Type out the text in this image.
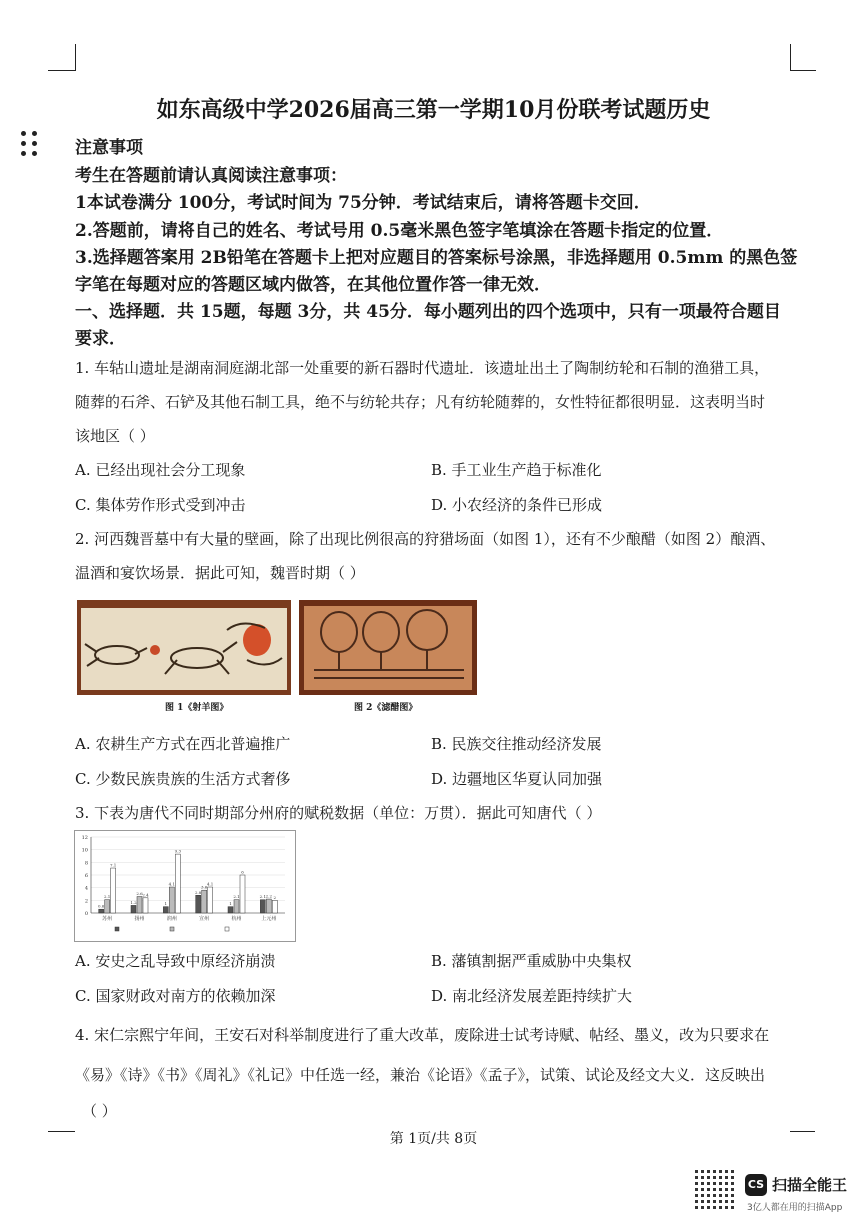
如东高级中学2026届高三第一学期10月份联考试题历史
注意事项
考生在答题前请认真阅读注意事项：
1本试卷满分 100分，考试时间为 75分钟．考试结束后，请将答题卡交回．
2.答题前，请将自己的姓名、考试号用 0.5毫米黑色签字笔填涂在答题卡指定的位置．
3.选择题答案用 2B铅笔在答题卡上把对应题目的答案标号涂黑，非选择题用 0.5mm 的黑色签
字笔在每题对应的答题区域内做答，在其他位置作答一律无效．
一、选择题．共 15题，每题 3分，共 45分．每小题列出的四个选项中，只有一项最符合题目
要求．
1. 车轱山遗址是湖南洞庭湖北部一处重要的新石器时代遗址．该遗址出土了陶制纺轮和石制的渔猎工具，
随葬的石斧、石铲及其他石制工具，绝不与纺轮共存；凡有纺轮随葬的，女性特征都很明显．这表明当时
该地区（ ）
A. 已经出现社会分工现象	B. 手工业生产趋于标准化
C. 集体劳作形式受到冲击	D. 小农经济的条件已形成
2. 河西魏晋墓中有大量的壁画，除了出现比例很高的狩猎场面（如图 1），还有不少酿醋（如图 2）酿酒、
温酒和宴饮场景．据此可知，魏晋时期（ ）
图 1《射羊图》	图 2《滤醋图》
A. 农耕生产方式在西北普遍推广	B. 民族交往推动经济发展
C. 少数民族贵族的生活方式奢侈	D. 边疆地区华夏认同加强
3. 下表为唐代不同时期部分州府的赋税数据（单位：万贯）．据此可知唐代（ ）
0
2
4
6
8
10
12
0.6
2.1
7.1
苏州
1.2
2.6 2.4
扬州
1
4.1
9.3
润州
2.8
3.6
4.1
宣州
1
2.1
6
杭州
2.1 2.2 2
上元州
A. 安史之乱导致中原经济崩溃	B. 藩镇割据严重威胁中央集权
C. 国家财政对南方的依赖加深	D. 南北经济发展差距持续扩大
4. 宋仁宗熙宁年间，王安石对科举制度进行了重大改革，废除进士试考诗赋、帖经、墨义，改为只要求在
《易》《诗》《书》《周礼》《礼记》中任选一经，兼治《论语》《孟子》，试策、试论及经文大义．这反映出
（ ）
第 1页/共 8页
CS 扫描全能王
3亿人都在用的扫描App
